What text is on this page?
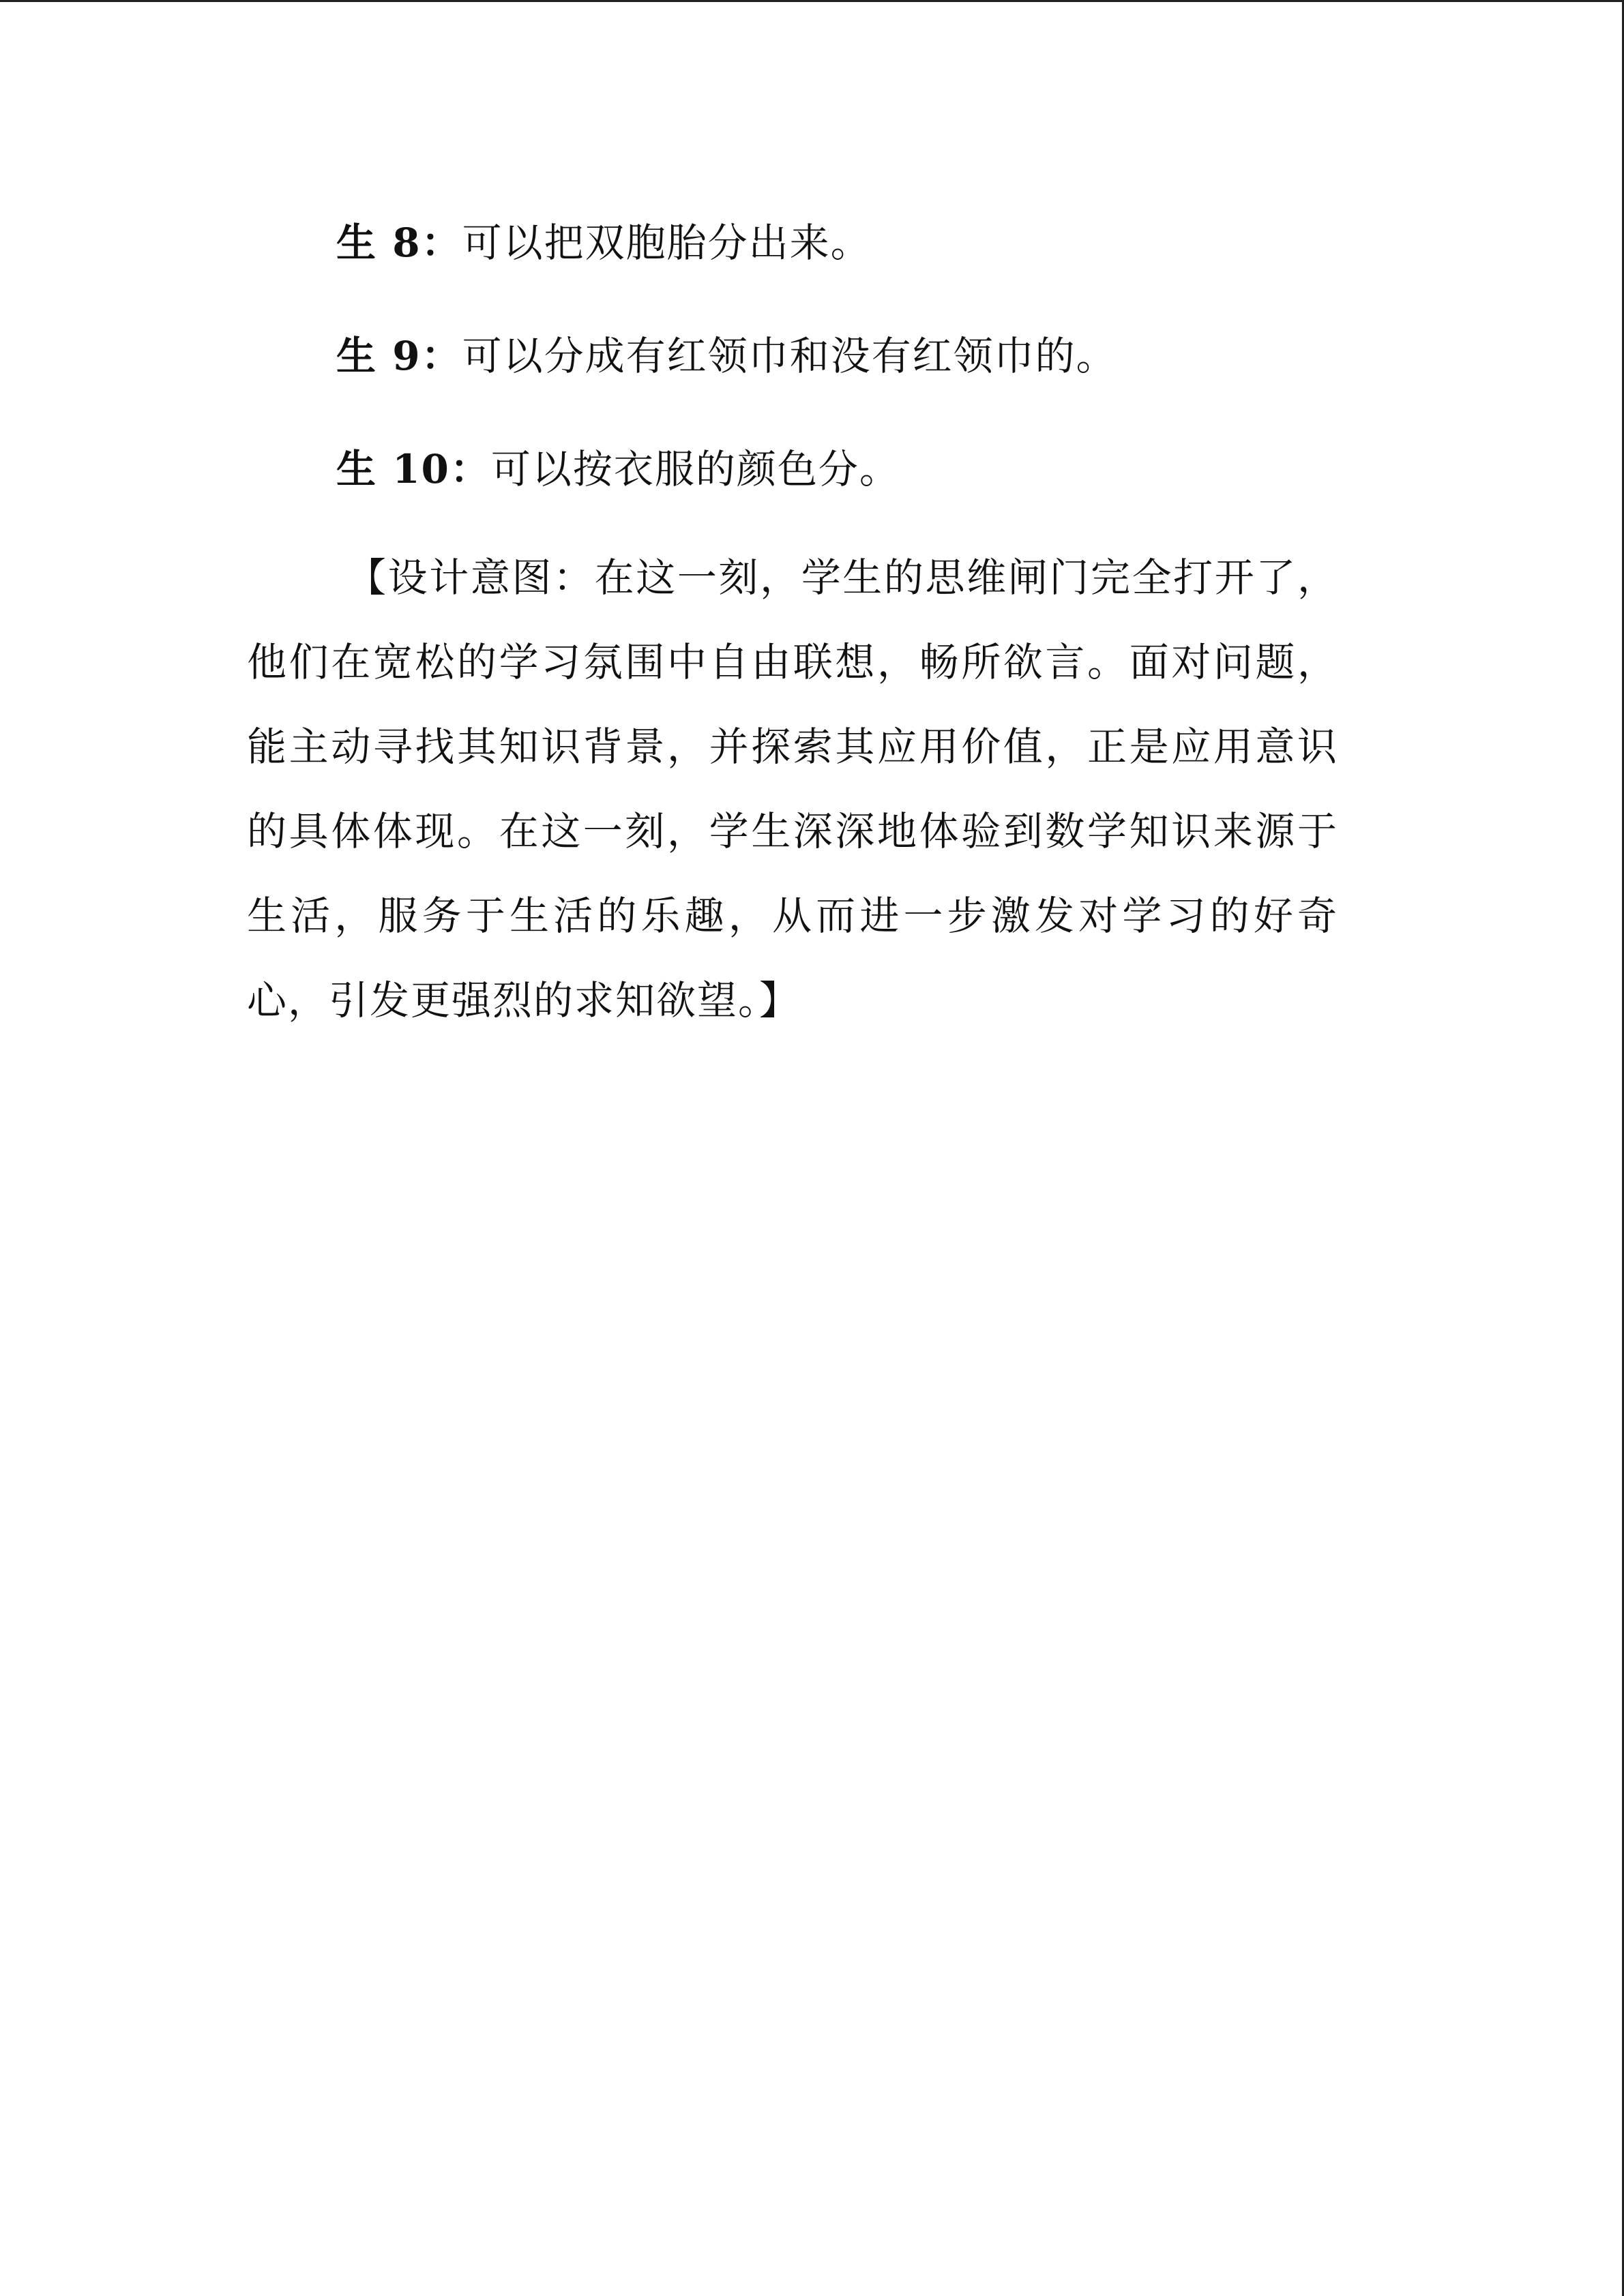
生 8：可以把双胞胎分出来。
生 9：可以分成有红领巾和没有红领巾的。
生 10：可以按衣服的颜色分。
【设计意图：在这一刻，学生的思维闸门完全打开了，他们在宽松的学习氛围中自由联想，畅所欲言。面对问题，能主动寻找其知识背景，并探索其应用价值，正是应用意识的具体体现。在这一刻，学生深深地体验到数学知识来源于生活，服务于生活的乐趣，从而进一步激发对学习的好奇心，引发更强烈的求知欲望。】
